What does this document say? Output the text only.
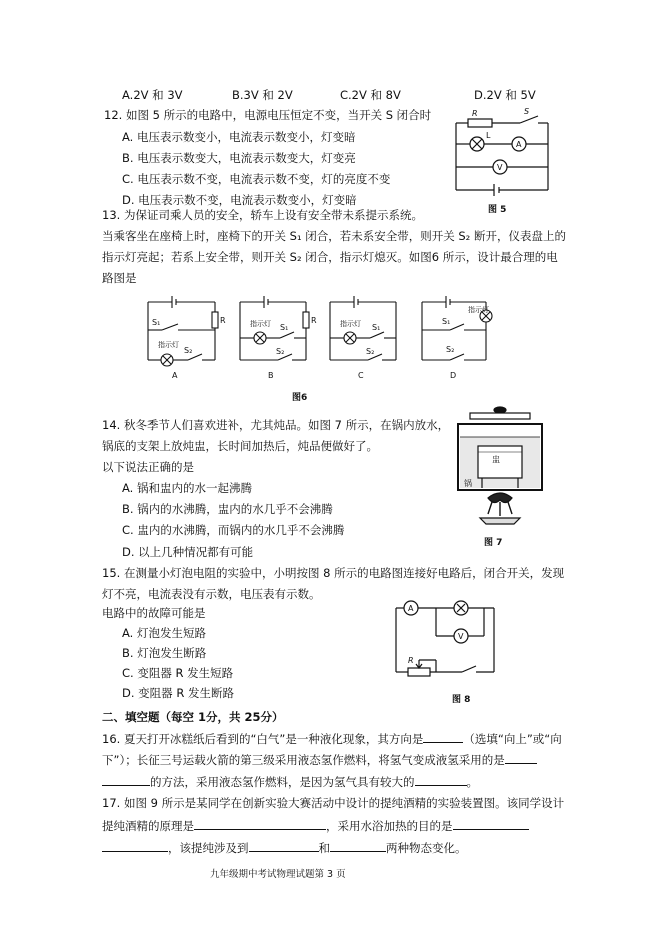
A.2V 和 3V	B.3V 和 2V	C.2V 和 8V	D.2V 和 5V
12. 如图 5 所示的电路中，电源电压恒定不变，当开关 S 闭合时
A. 电压表示数变小，电流表示数变小，灯变暗
B. 电压表示数变大，电流表示数变大，灯变亮
C. 电压表示数不变，电流表示数不变，灯的亮度不变
D. 电压表示数不变，电流表示数变小，灯变暗
R	S
L
A
V
图 5
13. 为保证司乘人员的安全，轿车上设有安全带未系提示系统。
当乘客坐在座椅上时，座椅下的开关 S₁ 闭合，若未系安全带，则开关 S₂ 断开，仪表盘上的
指示灯亮起；若系上安全带，则开关 S₂ 闭合，指示灯熄灭。如图6 所示，设计最合理的电
路图是
S₁	R
S₂
指示灯
A
指示灯 S₁
R
S₂
B
指示灯 S₁
S₂
C
S₁
指示灯
S₂
D
图6
14. 秋冬季节人们喜欢进补，尤其炖品。如图 7 所示，在锅内放水，
锅底的支架上放炖盅，长时间加热后，炖品便做好了。
以下说法正确的是
A. 锅和盅内的水一起沸腾
B. 锅内的水沸腾，盅内的水几乎不会沸腾
C. 盅内的水沸腾，而锅内的水几乎不会沸腾
D. 以上几种情况都有可能
盅
锅
图 7
15. 在测量小灯泡电阻的实验中，小明按图 8 所示的电路图连接好电路后，闭合开关，发现
灯不亮，电流表没有示数，电压表有示数。
电路中的故障可能是
A. 灯泡发生短路
B. 灯泡发生断路
C. 变阻器 R 发生短路
D. 变阻器 R 发生断路
A
V
R
图 8
二、填空题（每空 1分，共 25分）
16. 夏天打开冰糕纸后看到的“白气”是一种液化现象，其方向是	（选填“向上”或“向
下”）；长征三号运载火箭的第三级采用液态氢作燃料，将氢气变成液氢采用的是
的方法，采用液态氢作燃料，是因为氢气具有较大的	。
17. 如图 9 所示是某同学在创新实验大赛活动中设计的提纯酒精的实验装置图。该同学设计
提纯酒精的原理是	，采用水浴加热的目的是
，该提纯涉及到	和	两种物态变化。
九年级期中考试物理试题第 3 页
